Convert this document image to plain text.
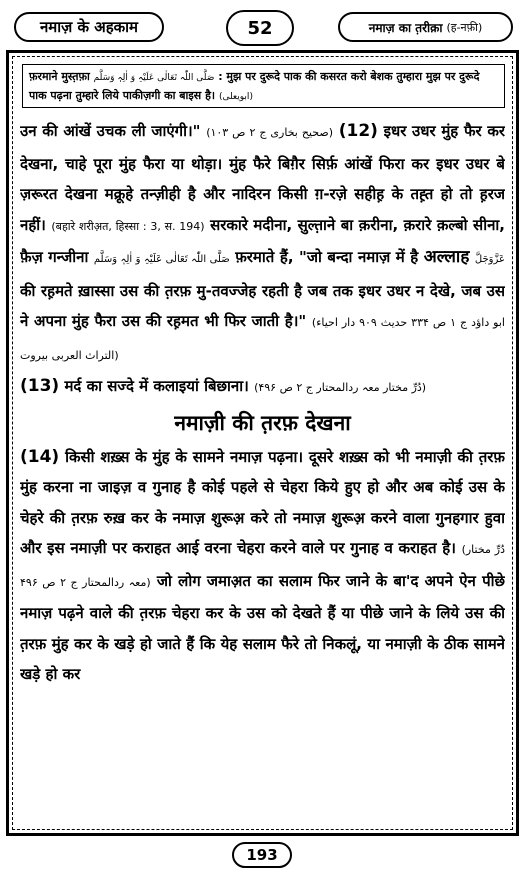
नमाज़ के अहकाम	52	नमाज़ का त़रीक़ा (ह-नफ़ी)
फ़रमाने मुस्त़फ़ा صَلَّی اللّٰہ تَعَالٰی عَلَیْہِ وَ اٰلِہٖ وَسَلَّم : मुझ पर दुरूदे पाक की कसरत करो बेशक तुम्हारा मुझ पर दुरूदे पाक पढ़ना तुम्हारे लिये पाकीज़गी का बाइस है। (ابویعلی)
उन की आंखें उचक ली जाएंगी।" (صحیح بخاری ج ۲ ص ۱۰۳) (12) इधर उधर मुंह फैर कर देखना, चाहे पूरा मुंह फैरा या थोड़ा। मुंह फैरे बिग़ैर सिर्फ़ आंखें फिरा कर इधर उधर बे ज़रूरत देखना मक्रूहे तन्ज़ीही है और नादिरन किसी ग़-रज़े सहीह़ के तह़्त हो तो ह़रज नहीं। (बहारे शरीअ़त, हिस्सा : 3, स. 194) सरकारे मदीना, सुल्त़ाने बा क़रीना, क़रारे क़ल्बो सीना, फ़ैज़ गन्जीना صَلَّی اللّٰہ تَعَالٰی عَلَیْہِ وَ اٰلِہٖ وَسَلَّم फ़रमाते हैं, "जो बन्दा नमाज़ में है अल्लाह عَزَّوَجَلَّ की रह़मते ख़ास्सा उस की त़रफ़ मु-तवज्जेह रहती है जब तक इधर उधर न देखे, जब उस ने अपना मुंह फैरा उस की रह़मत भी फिर जाती है।" (ابو داؤد ج ۱ ص ۳۳۴ حدیث ۹۰۹ دار احیاء التراث العربی بیروت)
(13) मर्द का सज्दे में कलाइयां बिछाना। (دُرِّ مختار معہ ردالمحتار ج ۲ ص ۴۹۶)
नमाज़ी की त़रफ़ देखना
(14) किसी शख़्स के मुंह के सामने नमाज़ पढ़ना। दूसरे शख़्स को भी नमाज़ी की त़रफ़ मुंह करना ना जाइज़ व गुनाह है कोई पहले से चेहरा किये हुए हो और अब कोई उस के चेहरे की त़रफ़ रुख़ कर के नमाज़ शुरूअ़ करे तो नमाज़ शुरूअ़ करने वाला गुनहगार हुवा और इस नमाज़ी पर कराहत आई वरना चेहरा करने वाले पर गुनाह व कराहत है। (دُرِّ مختار معہ ردالمحتار ج ۲ ص ۴۹۶) जो लोग जमाअ़त का सलाम फिर जाने के बा'द अपने ऐन पीछे नमाज़ पढ़ने वाले की त़रफ़ चेहरा कर के उस को देखते हैं या पीछे जाने के लिये उस की त़रफ़ मुंह कर के खड़े हो जाते हैं कि येह सलाम फैरे तो निकलूं, या नमाज़ी के ठीक सामने खड़े हो कर
193
